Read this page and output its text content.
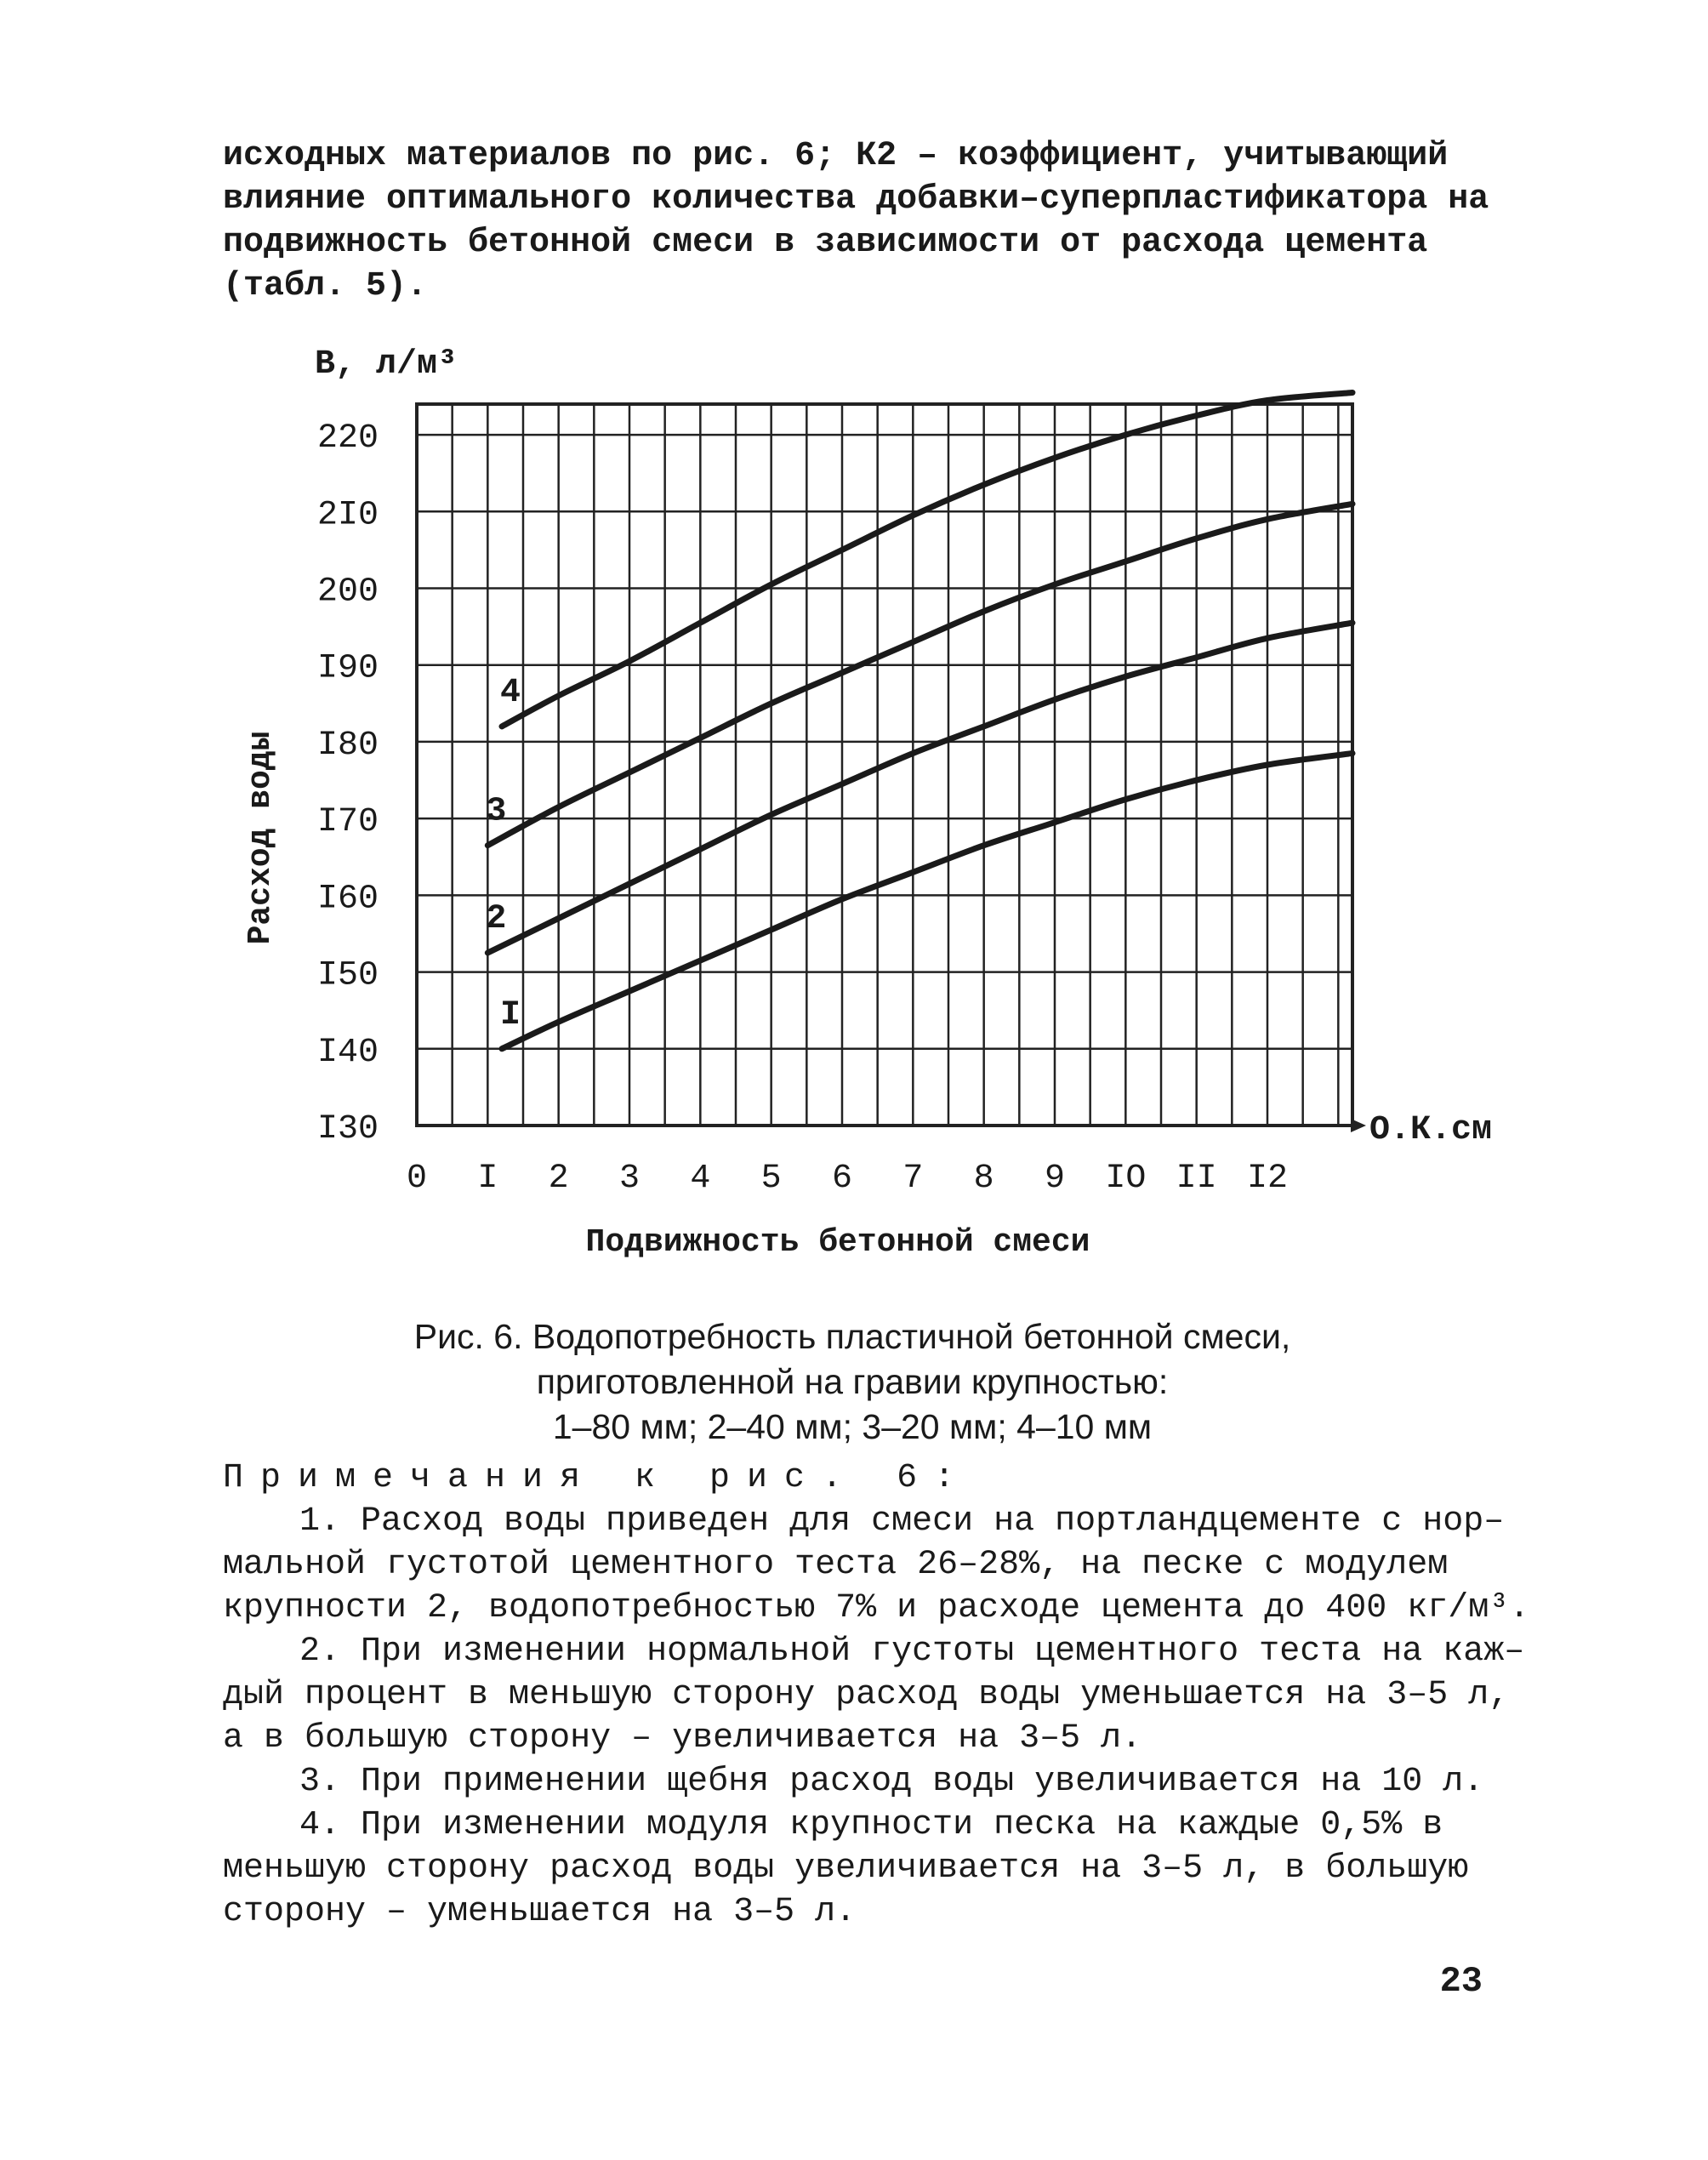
исходных материалов по рис. 6; К2 – коэффициент, учитывающий
влияние оптимального количества добавки–суперпластификатора на
подвижность бетонной смеси в зависимости от расхода цемента
(табл. 5).
I30
I40
I50
I60
I70
I80
I90
200
2I0
220
0 I 2 3 4 5 6 7 8 9 IO II I2
I
2
3
4
В, л/м³
Расход воды
О.К.см
Подвижность бетонной смеси
Рис. 6. Водопотребность пластичной бетонной смеси,
приготовленной на гравии крупностью:
1–80 мм; 2–40 мм; 3–20 мм; 4–10 мм
Примечания к рис. 6:
1. Расход воды приведен для смеси на портландцементе с нор–
мальной густотой цементного теста 26–28%, на песке с модулем
крупности 2, водопотребностью 7% и расходе цемента до 400 кг/м³.
2. При изменении нормальной густоты цементного теста на каж–
дый процент в меньшую сторону расход воды уменьшается на 3–5 л,
а в большую сторону – увеличивается на 3–5 л.
3. При применении щебня расход воды увеличивается на 10 л.
4. При изменении модуля крупности песка на каждые 0,5% в
меньшую сторону расход воды увеличивается на 3–5 л, в большую
сторону – уменьшается на 3–5 л.
23
